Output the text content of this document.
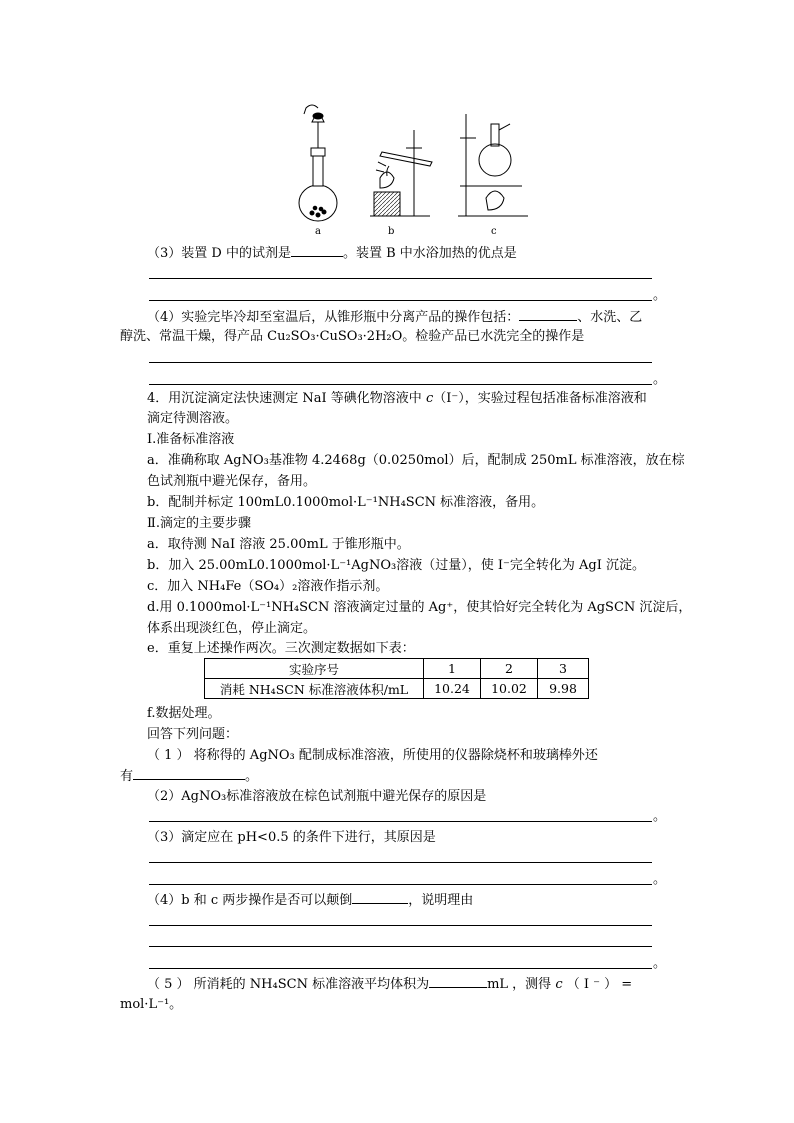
a	b	c
（3）装置 D 中的试剂是	。装置 B 中水浴加热的优点是
。
（4）实验完毕冷却至室温后，从锥形瓶中分离产品的操作包括：	、水洗、乙
醇洗、常温干燥，得产品 Cu₂SO₃·CuSO₃·2H₂O。检验产品已水洗完全的操作是
。
4．用沉淀滴定法快速测定 NaI 等碘化物溶液中 c（I⁻），实验过程包括准备标准溶液和
滴定待测溶液。
Ⅰ.准备标准溶液
a．准确称取 AgNO₃基准物 4.2468g（0.0250mol）后，配制成 250mL 标准溶液，放在棕
色试剂瓶中避光保存，备用。
b．配制并标定 100mL0.1000mol·L⁻¹NH₄SCN 标准溶液，备用。
Ⅱ.滴定的主要步骤
a．取待测 NaI 溶液 25.00mL 于锥形瓶中。
b．加入 25.00mL0.1000mol·L⁻¹AgNO₃溶液（过量），使 I⁻完全转化为 AgI 沉淀。
c．加入 NH₄Fe（SO₄）₂溶液作指示剂。
d.用 0.1000mol·L⁻¹NH₄SCN 溶液滴定过量的 Ag⁺，使其恰好完全转化为 AgSCN 沉淀后，
体系出现淡红色，停止滴定。
e．重复上述操作两次。三次测定数据如下表：
实验序号	1	2	3
消耗 NH₄SCN 标准溶液体积/mL	10.24	10.02	9.98
f.数据处理。
回答下列问题：
（ 1 ） 将称得的 AgNO₃ 配制成标准溶液，所使用的仪器除烧杯和玻璃棒外还
有	。
（2）AgNO₃标准溶液放在棕色试剂瓶中避光保存的原因是
。
（3）滴定应在 pH<0.5 的条件下进行，其原因是
。
（4）b 和 c 两步操作是否可以颠倒	，说明理由
。
（ 5 ） 所消耗的 NH₄SCN 标准溶液平均体积为	mL ，测得 c （ I ⁻ ） =
mol·L⁻¹。
